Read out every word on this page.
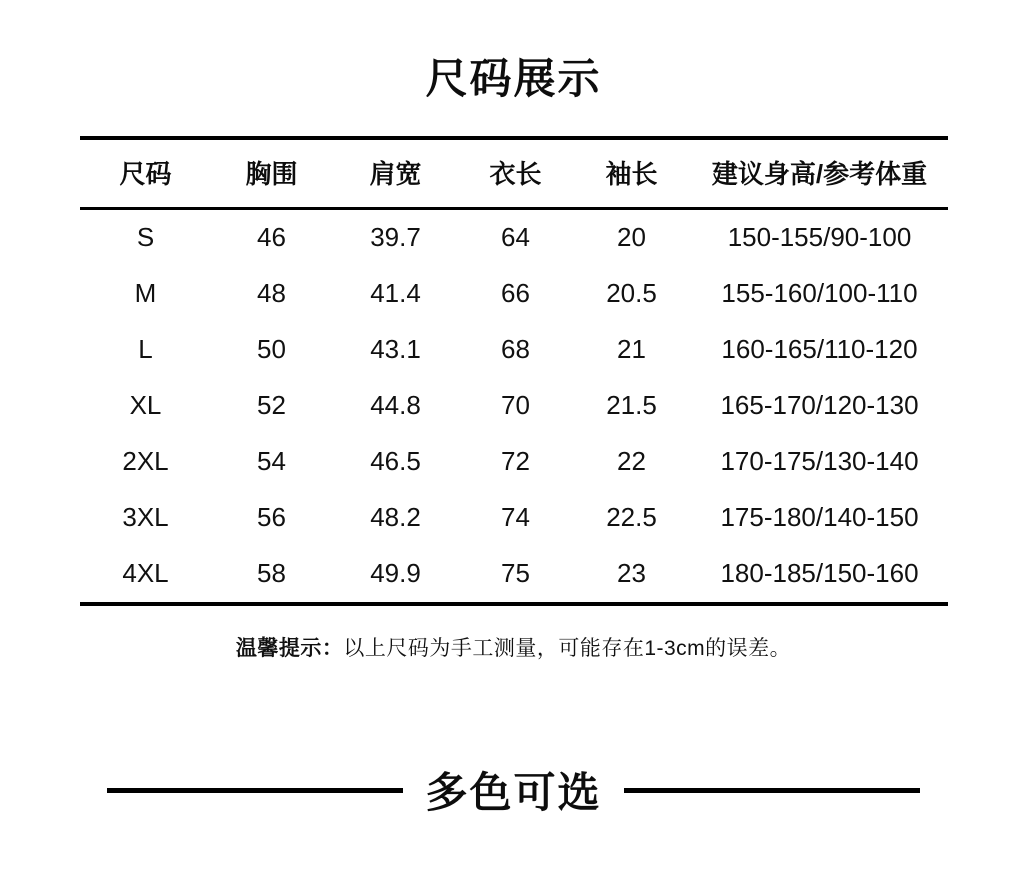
尺码展示
尺码	胸围	肩宽	衣长	袖长	建议身高/参考体重
S	46	39.7	64	20	150-155/90-100
M	48	41.4	66	20.5	155-160/100-110
L	50	43.1	68	21	160-165/110-120
XL	52	44.8	70	21.5	165-170/120-130
2XL	54	46.5	72	22	170-175/130-140
3XL	56	48.2	74	22.5	175-180/140-150
4XL	58	49.9	75	23	180-185/150-160
温馨提示：以上尺码为手工测量，可能存在1-3cm的误差。
多色可选
